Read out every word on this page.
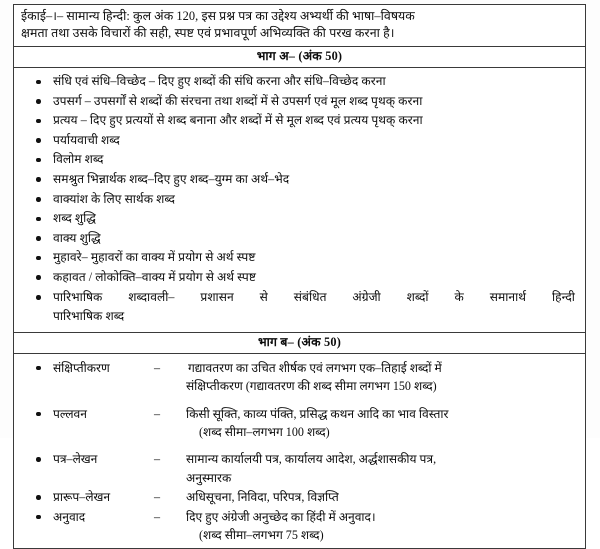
ईकाई–।– सामान्य हिन्दी: कुल अंक 120, इस प्रश्न पत्र का उद्देश्य अभ्यर्थी की भाषा–विषयक
क्षमता तथा उसके विचारों की सही, स्पष्ट एवं प्रभावपूर्ण अभिव्यक्ति की परख करना है।
भाग अ– (अंक 50)
संधि एवं संधि–विच्छेद – दिए हुए शब्दों की संधि करना और संधि–विच्छेद करना
उपसर्ग – उपसर्गों से शब्दों की संरचना तथा शब्दों में से उपसर्ग एवं मूल शब्द पृथक् करना
प्रत्यय – दिए हुए प्रत्ययों से शब्द बनाना और शब्दों में से मूल शब्द एवं प्रत्यय पृथक् करना
पर्यायवाची शब्द
विलोम शब्द
समश्रुत भिन्नार्थक शब्द–दिए हुए शब्द–युग्म का अर्थ–भेद
वाक्यांश के लिए सार्थक शब्द
शब्द शुद्धि
वाक्य शुद्धि
मुहावरे– मुहावरों का वाक्य में प्रयोग से अर्थ स्पष्ट
कहावत / लोकोक्ति–वाक्य में प्रयोग से अर्थ स्पष्ट
पारिभाषिक शब्दावली– प्रशासन से संबंधित अंग्रेजी शब्दों के समानार्थ हिन्दी
पारिभाषिक शब्द
भाग ब– (अंक 50)
संक्षिप्तीकरण	–	गद्यावतरण का उचित शीर्षक एवं लगभग एक–तिहाई शब्दों में
संक्षिप्तीकरण (गद्यावतरण की शब्द सीमा लगभग 150 शब्द)
पल्लवन	–	किसी सूक्ति, काव्य पंक्ति, प्रसिद्ध कथन आदि का भाव विस्तार
(शब्द सीमा–लगभग 100 शब्द)
पत्र–लेखन	–	सामान्य कार्यालयी पत्र, कार्यालय आदेश, अर्द्धशासकीय पत्र,
अनुस्मारक
प्रारूप–लेखन	–	अधिसूचना, निविदा, परिपत्र, विज्ञप्ति
अनुवाद	–	दिए हुए अंग्रेजी अनुच्छेद का हिंदी में अनुवाद।
(शब्द सीमा–लगभग 75 शब्द)
